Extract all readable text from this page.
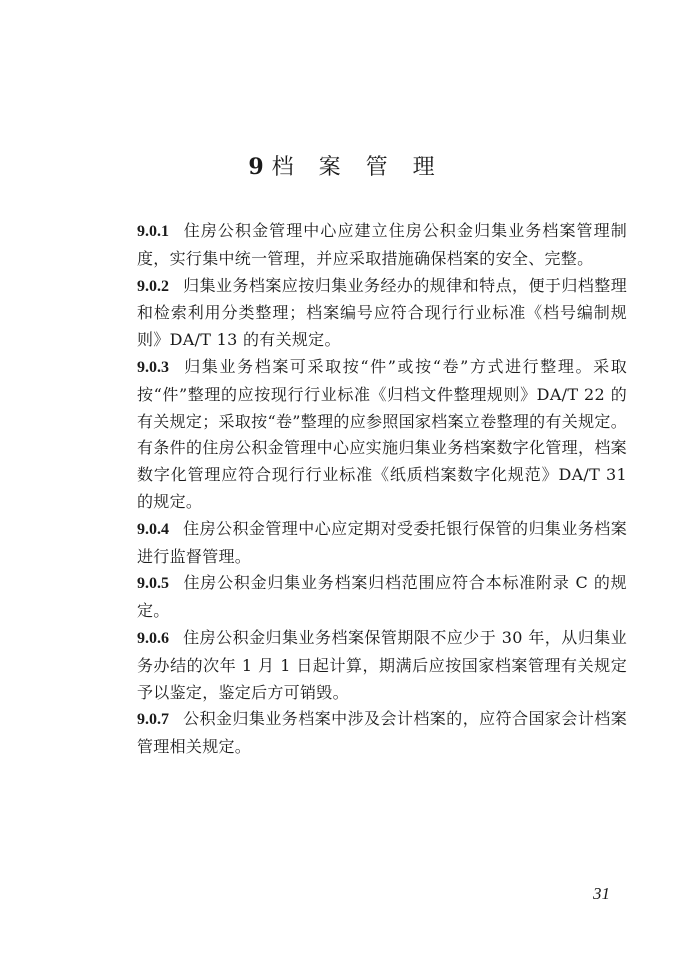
9 档 案 管 理

9.0.1 住房公积金管理中心应建立住房公积金归集业务档案管理制度，实行集中统一管理，并应采取措施确保档案的安全、完整。

9.0.2 归集业务档案应按归集业务经办的规律和特点，便于归档整理和检索利用分类整理；档案编号应符合现行行业标准《档号编制规则》DA/T 13 的有关规定。

9.0.3 归集业务档案可采取按“件”或按“卷”方式进行整理。采取按“件”整理的应按现行行业标准《归档文件整理规则》DA/T 22 的有关规定；采取按“卷”整理的应参照国家档案立卷整理的有关规定。有条件的住房公积金管理中心应实施归集业务档案数字化管理，档案数字化管理应符合现行行业标准《纸质档案数字化规范》DA/T 31 的规定。

9.0.4 住房公积金管理中心应定期对受委托银行保管的归集业务档案进行监督管理。

9.0.5 住房公积金归集业务档案归档范围应符合本标准附录 C 的规定。

9.0.6 住房公积金归集业务档案保管期限不应少于 30 年，从归集业务办结的次年 1 月 1 日起计算，期满后应按国家档案管理有关规定予以鉴定，鉴定后方可销毁。

9.0.7 公积金归集业务档案中涉及会计档案的，应符合国家会计档案管理相关规定。

31
